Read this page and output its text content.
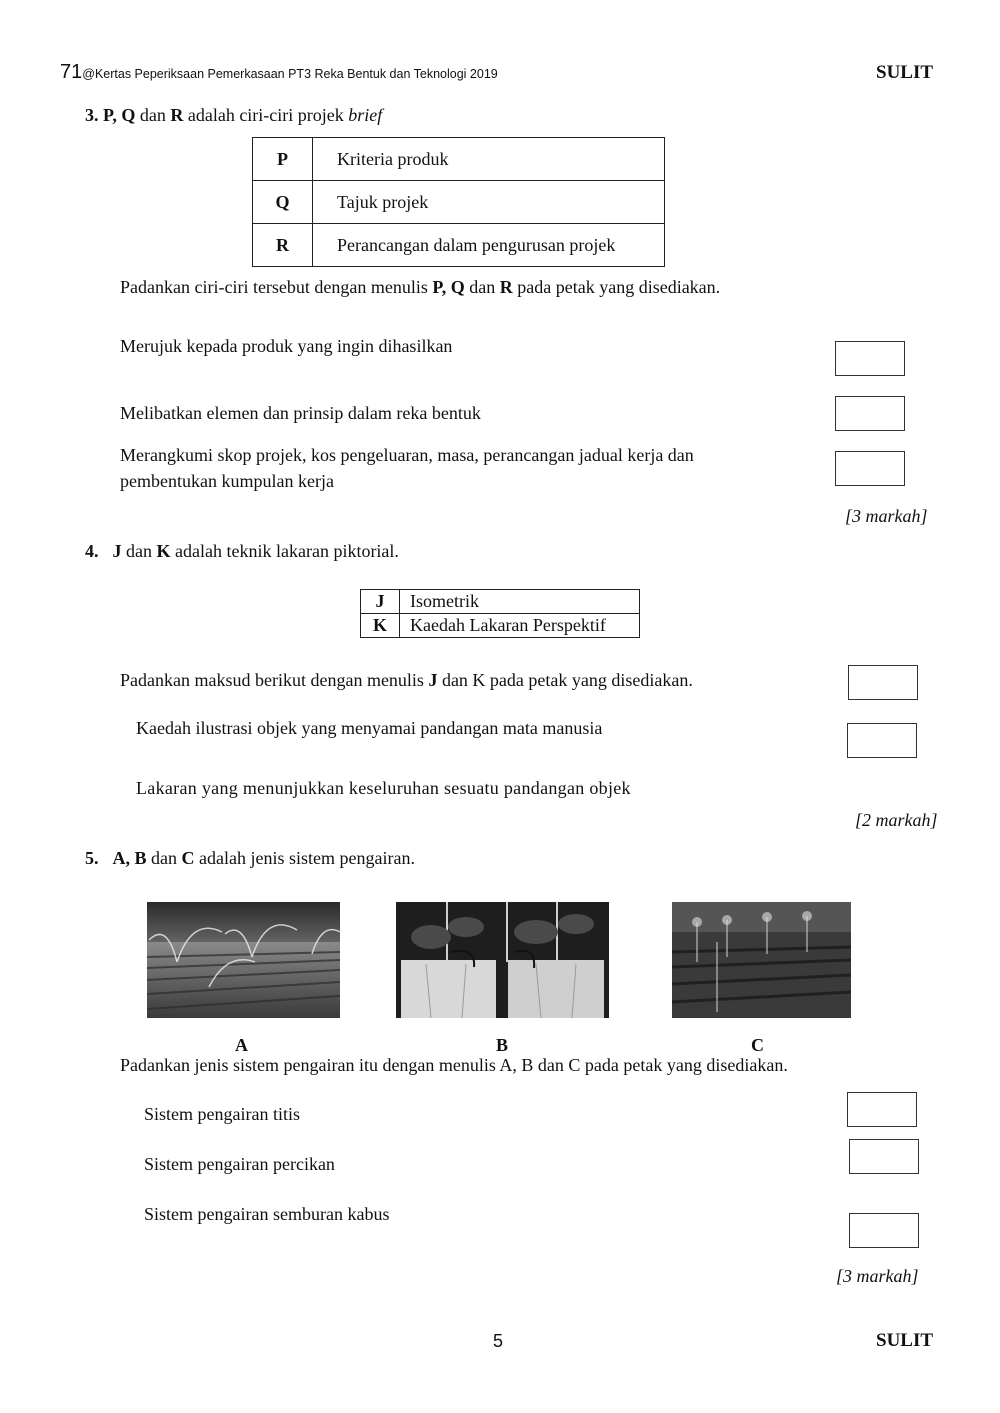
71@Kertas Peperiksaan Pemerkasaan PT3 Reka Bentuk dan Teknologi 2019	SULIT
3. P, Q dan R adalah ciri-ciri projek brief
P	Kriteria produk
Q	Tajuk projek
R	Perancangan dalam pengurusan projek
Padankan ciri-ciri tersebut dengan menulis P, Q dan R pada petak yang disediakan.
Merujuk kepada produk yang ingin dihasilkan
Melibatkan elemen dan prinsip dalam reka bentuk
Merangkumi skop projek, kos pengeluaran, masa, perancangan jadual kerja dan
pembentukan kumpulan kerja
[3 markah]
4. J dan K adalah teknik lakaran piktorial.
J	Isometrik
K	Kaedah Lakaran Perspektif
Padankan maksud berikut dengan menulis J dan K pada petak yang disediakan.
Kaedah ilustrasi objek yang menyamai pandangan mata manusia
Lakaran yang menunjukkan keseluruhan sesuatu pandangan objek
[2 markah]
5. A, B dan C adalah jenis sistem pengairan.
A	B	C
Padankan jenis sistem pengairan itu dengan menulis A, B dan C pada petak yang disediakan.
Sistem pengairan titis
Sistem pengairan percikan
Sistem pengairan semburan kabus
[3 markah]
5	SULIT
